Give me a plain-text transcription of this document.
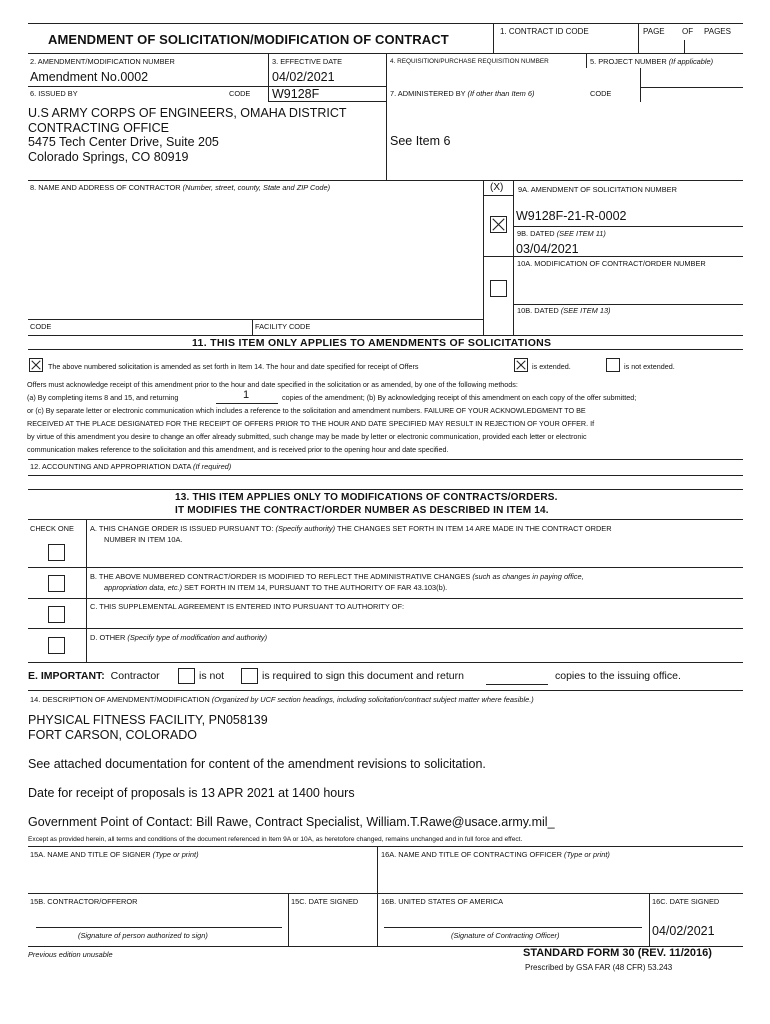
AMENDMENT OF SOLICITATION/MODIFICATION OF CONTRACT
1. CONTRACT ID CODE	PAGE OF PAGES
2. AMENDMENT/MODIFICATION NUMBER
Amendment No.0002
3. EFFECTIVE DATE
04/02/2021
4. REQUISITION/PURCHASE REQUISITION NUMBER	5. PROJECT NUMBER (If applicable)
6. ISSUED BY	CODE W9128F	7. ADMINISTERED BY (If other than Item 6)	CODE
U.S ARMY CORPS OF ENGINEERS, OMAHA DISTRICT
CONTRACTING OFFICE
5475 Tech Center Drive, Suite 205
Colorado Springs, CO 80919
See Item 6
8. NAME AND ADDRESS OF CONTRACTOR (Number, street, county, State and ZIP Code)	(X) 9A. AMENDMENT OF SOLICITATION NUMBER
W9128F-21-R-0002
9B. DATED (SEE ITEM 11)
03/04/2021
10A. MODIFICATION OF CONTRACT/ORDER NUMBER
10B. DATED (SEE ITEM 13)
CODE	FACILITY CODE
11. THIS ITEM ONLY APPLIES TO AMENDMENTS OF SOLICITATIONS
The above numbered solicitation is amended as set forth in Item 14. The hour and date specified for receipt of Offers	is extended.	is not extended.
Offers must acknowledge receipt of this amendment prior to the hour and date specified in the solicitation or as amended, by one of the following methods:
(a) By completing items 8 and 15, and returning	1	copies of the amendment; (b) By acknowledging receipt of this amendment on each copy of the offer submitted;
or (c) By separate letter or electronic communication which includes a reference to the solicitation and amendment numbers. FAILURE OF YOUR ACKNOWLEDGMENT TO BE
RECEIVED AT THE PLACE DESIGNATED FOR THE RECEIPT OF OFFERS PRIOR TO THE HOUR AND DATE SPECIFIED MAY RESULT IN REJECTION OF YOUR OFFER. If
by virtue of this amendment you desire to change an offer already submitted, such change may be made by letter or electronic communication, provided each letter or electronic
communication makes reference to the solicitation and this amendment, and is received prior to the opening hour and date specified.
12. ACCOUNTING AND APPROPRIATION DATA (If required)
13. THIS ITEM APPLIES ONLY TO MODIFICATIONS OF CONTRACTS/ORDERS.
IT MODIFIES THE CONTRACT/ORDER NUMBER AS DESCRIBED IN ITEM 14.
CHECK ONE A. THIS CHANGE ORDER IS ISSUED PURSUANT TO: (Specify authority) THE CHANGES SET FORTH IN ITEM 14 ARE MADE IN THE CONTRACT ORDER
NUMBER IN ITEM 10A.
B. THE ABOVE NUMBERED CONTRACT/ORDER IS MODIFIED TO REFLECT THE ADMINISTRATIVE CHANGES (such as changes in paying office,
appropriation data, etc.) SET FORTH IN ITEM 14, PURSUANT TO THE AUTHORITY OF FAR 43.103(b).
C. THIS SUPPLEMENTAL AGREEMENT IS ENTERED INTO PURSUANT TO AUTHORITY OF:
D. OTHER (Specify type of modification and authority)
E. IMPORTANT: Contractor	is not	is required to sign this document and return	copies to the issuing office.
14. DESCRIPTION OF AMENDMENT/MODIFICATION (Organized by UCF section headings, including solicitation/contract subject matter where feasible.)
PHYSICAL FITNESS FACILITY, PN058139
FORT CARSON, COLORADO
See attached documentation for content of the amendment revisions to solicitation.
Date for receipt of proposals is 13 APR 2021 at 1400 hours
Government Point of Contact: Bill Rawe, Contract Specialist, William.T.Rawe@usace.army.mil_
Except as provided herein, all terms and conditions of the document referenced in Item 9A or 10A, as heretofore changed, remains unchanged and in full force and effect.
15A. NAME AND TITLE OF SIGNER (Type or print)	16A. NAME AND TITLE OF CONTRACTING OFFICER (Type or print)
15B. CONTRACTOR/OFFEROR	15C. DATE SIGNED	16B. UNITED STATES OF AMERICA	16C. DATE SIGNED
(Signature of person authorized to sign)	(Signature of Contracting Officer)	04/02/2021
Previous edition unusable	STANDARD FORM 30 (REV. 11/2016)
Prescribed by GSA FAR (48 CFR) 53.243
